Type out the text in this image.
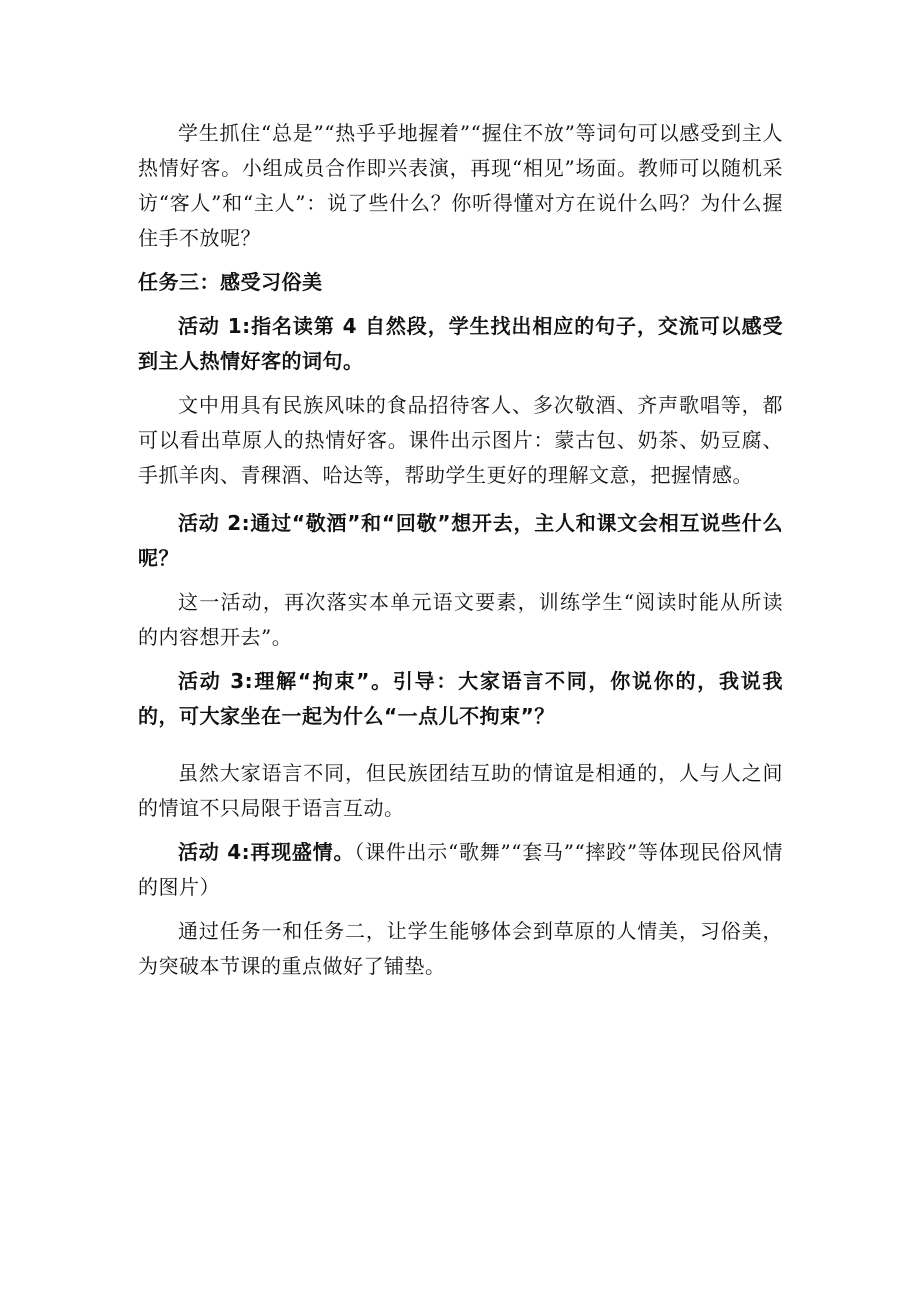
学生抓住“总是”“热乎乎地握着”“握住不放”等词句可以感受到主人热情好客。小组成员合作即兴表演，再现“相见”场面。教师可以随机采访“客人”和“主人”：说了些什么？你听得懂对方在说什么吗？为什么握住手不放呢？

任务三：感受习俗美

活动 1:指名读第 4 自然段，学生找出相应的句子，交流可以感受到主人热情好客的词句。

文中用具有民族风味的食品招待客人、多次敬酒、齐声歌唱等，都可以看出草原人的热情好客。课件出示图片：蒙古包、奶茶、奶豆腐、手抓羊肉、青稞酒、哈达等，帮助学生更好的理解文意，把握情感。

活动 2:通过“敬酒”和“回敬”想开去，主人和课文会相互说些什么呢？

这一活动，再次落实本单元语文要素，训练学生“阅读时能从所读的内容想开去”。

活动 3:理解“拘束”。引导：大家语言不同，你说你的，我说我的，可大家坐在一起为什么“一点儿不拘束”？

虽然大家语言不同，但民族团结互助的情谊是相通的，人与人之间的情谊不只局限于语言互动。

活动 4:再现盛情。（课件出示“歌舞”“套马”“摔跤”等体现民俗风情的图片）

通过任务一和任务二，让学生能够体会到草原的人情美，习俗美，为突破本节课的重点做好了铺垫。
